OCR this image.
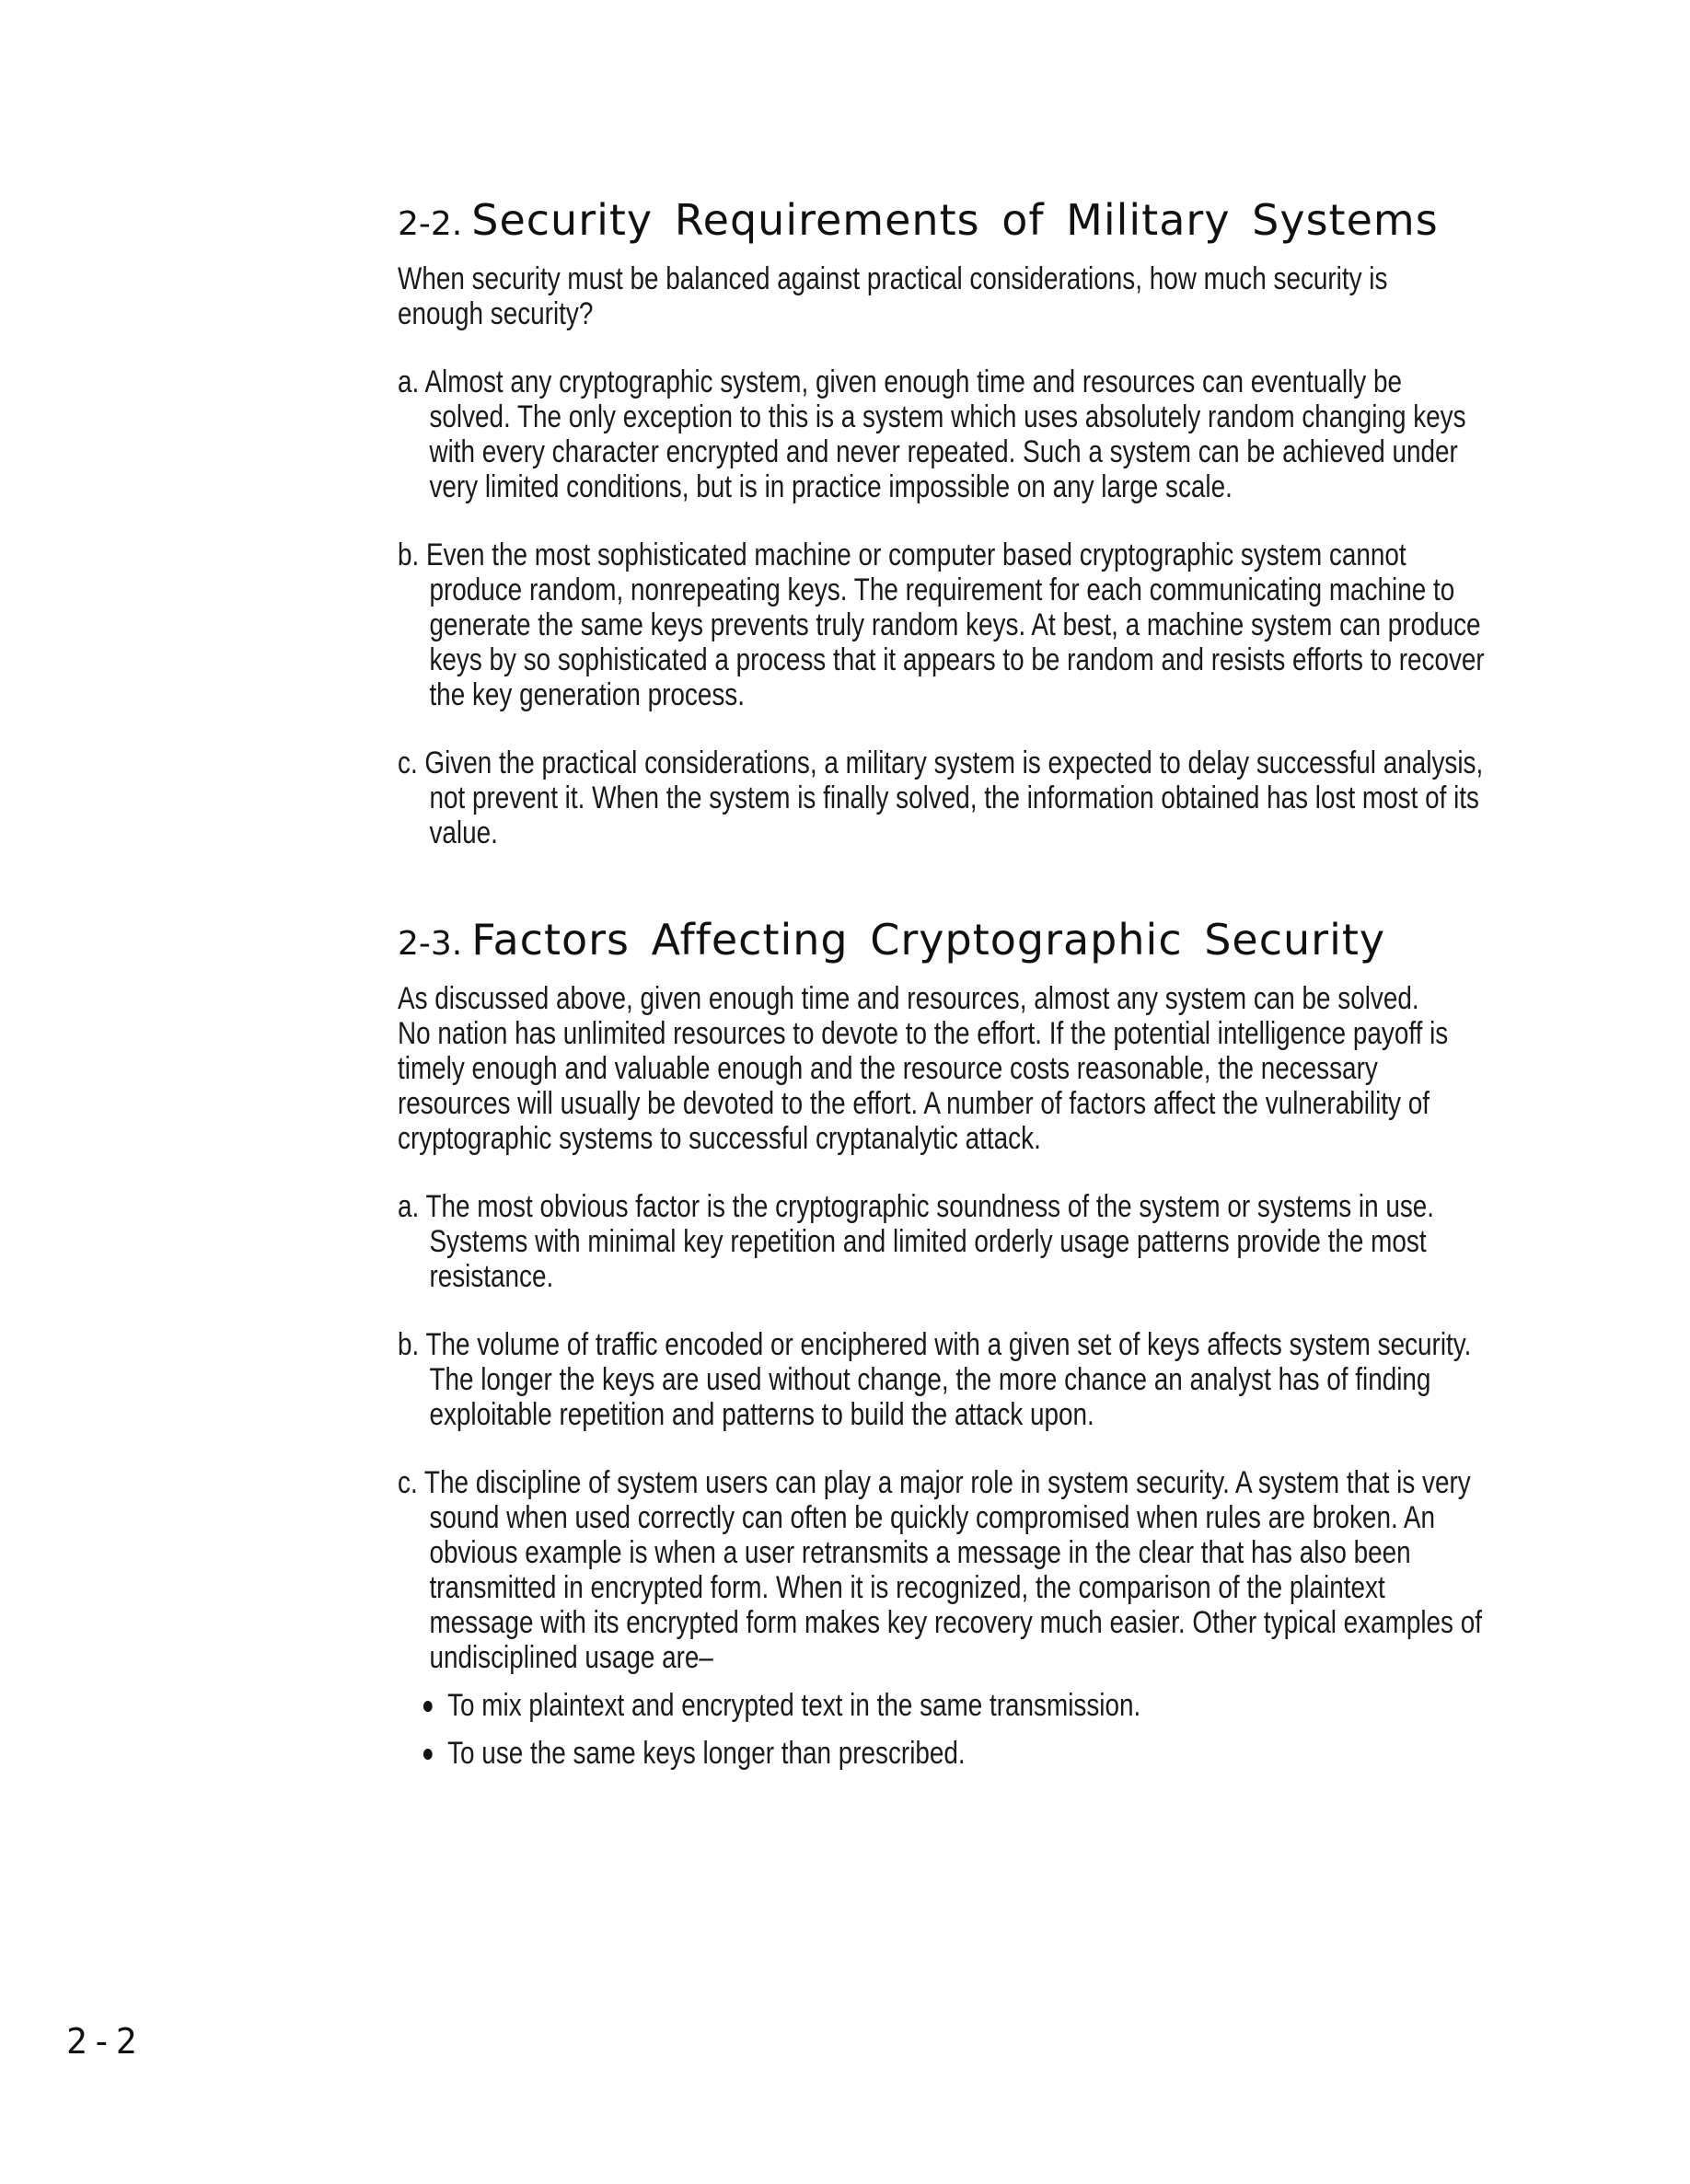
2-2. Security Requirements of Military Systems

When security must be balanced against practical considerations, how much security is enough security?

a. Almost any cryptographic system, given enough time and resources can eventually be solved. The only exception to this is a system which uses absolutely random changing keys with every character encrypted and never repeated. Such a system can be achieved under very limited conditions, but is in practice impossible on any large scale.

b. Even the most sophisticated machine or computer based cryptographic system cannot produce random, nonrepeating keys. The requirement for each communicating machine to generate the same keys prevents truly random keys. At best, a machine system can produce keys by so sophisticated a process that it appears to be random and resists efforts to recover the key generation process.

c. Given the practical considerations, a military system is expected to delay successful analysis, not prevent it. When the system is finally solved, the information obtained has lost most of its value.

2-3. Factors Affecting Cryptographic Security

As discussed above, given enough time and resources, almost any system can be solved. No nation has unlimited resources to devote to the effort. If the potential intelligence payoff is timely enough and valuable enough and the resource costs reasonable, the necessary resources will usually be devoted to the effort. A number of factors affect the vulnerability of cryptographic systems to successful cryptanalytic attack.

a. The most obvious factor is the cryptographic soundness of the system or systems in use. Systems with minimal key repetition and limited orderly usage patterns provide the most resistance.

b. The volume of traffic encoded or enciphered with a given set of keys affects system security. The longer the keys are used without change, the more chance an analyst has of finding exploitable repetition and patterns to build the attack upon.

c. The discipline of system users can play a major role in system security. A system that is very sound when used correctly can often be quickly compromised when rules are broken. An obvious example is when a user retransmits a message in the clear that has also been transmitted in encrypted form. When it is recognized, the comparison of the plaintext message with its encrypted form makes key recovery much easier. Other typical examples of undisciplined usage are–

To mix plaintext and encrypted text in the same transmission.
To use the same keys longer than prescribed.
2-2
